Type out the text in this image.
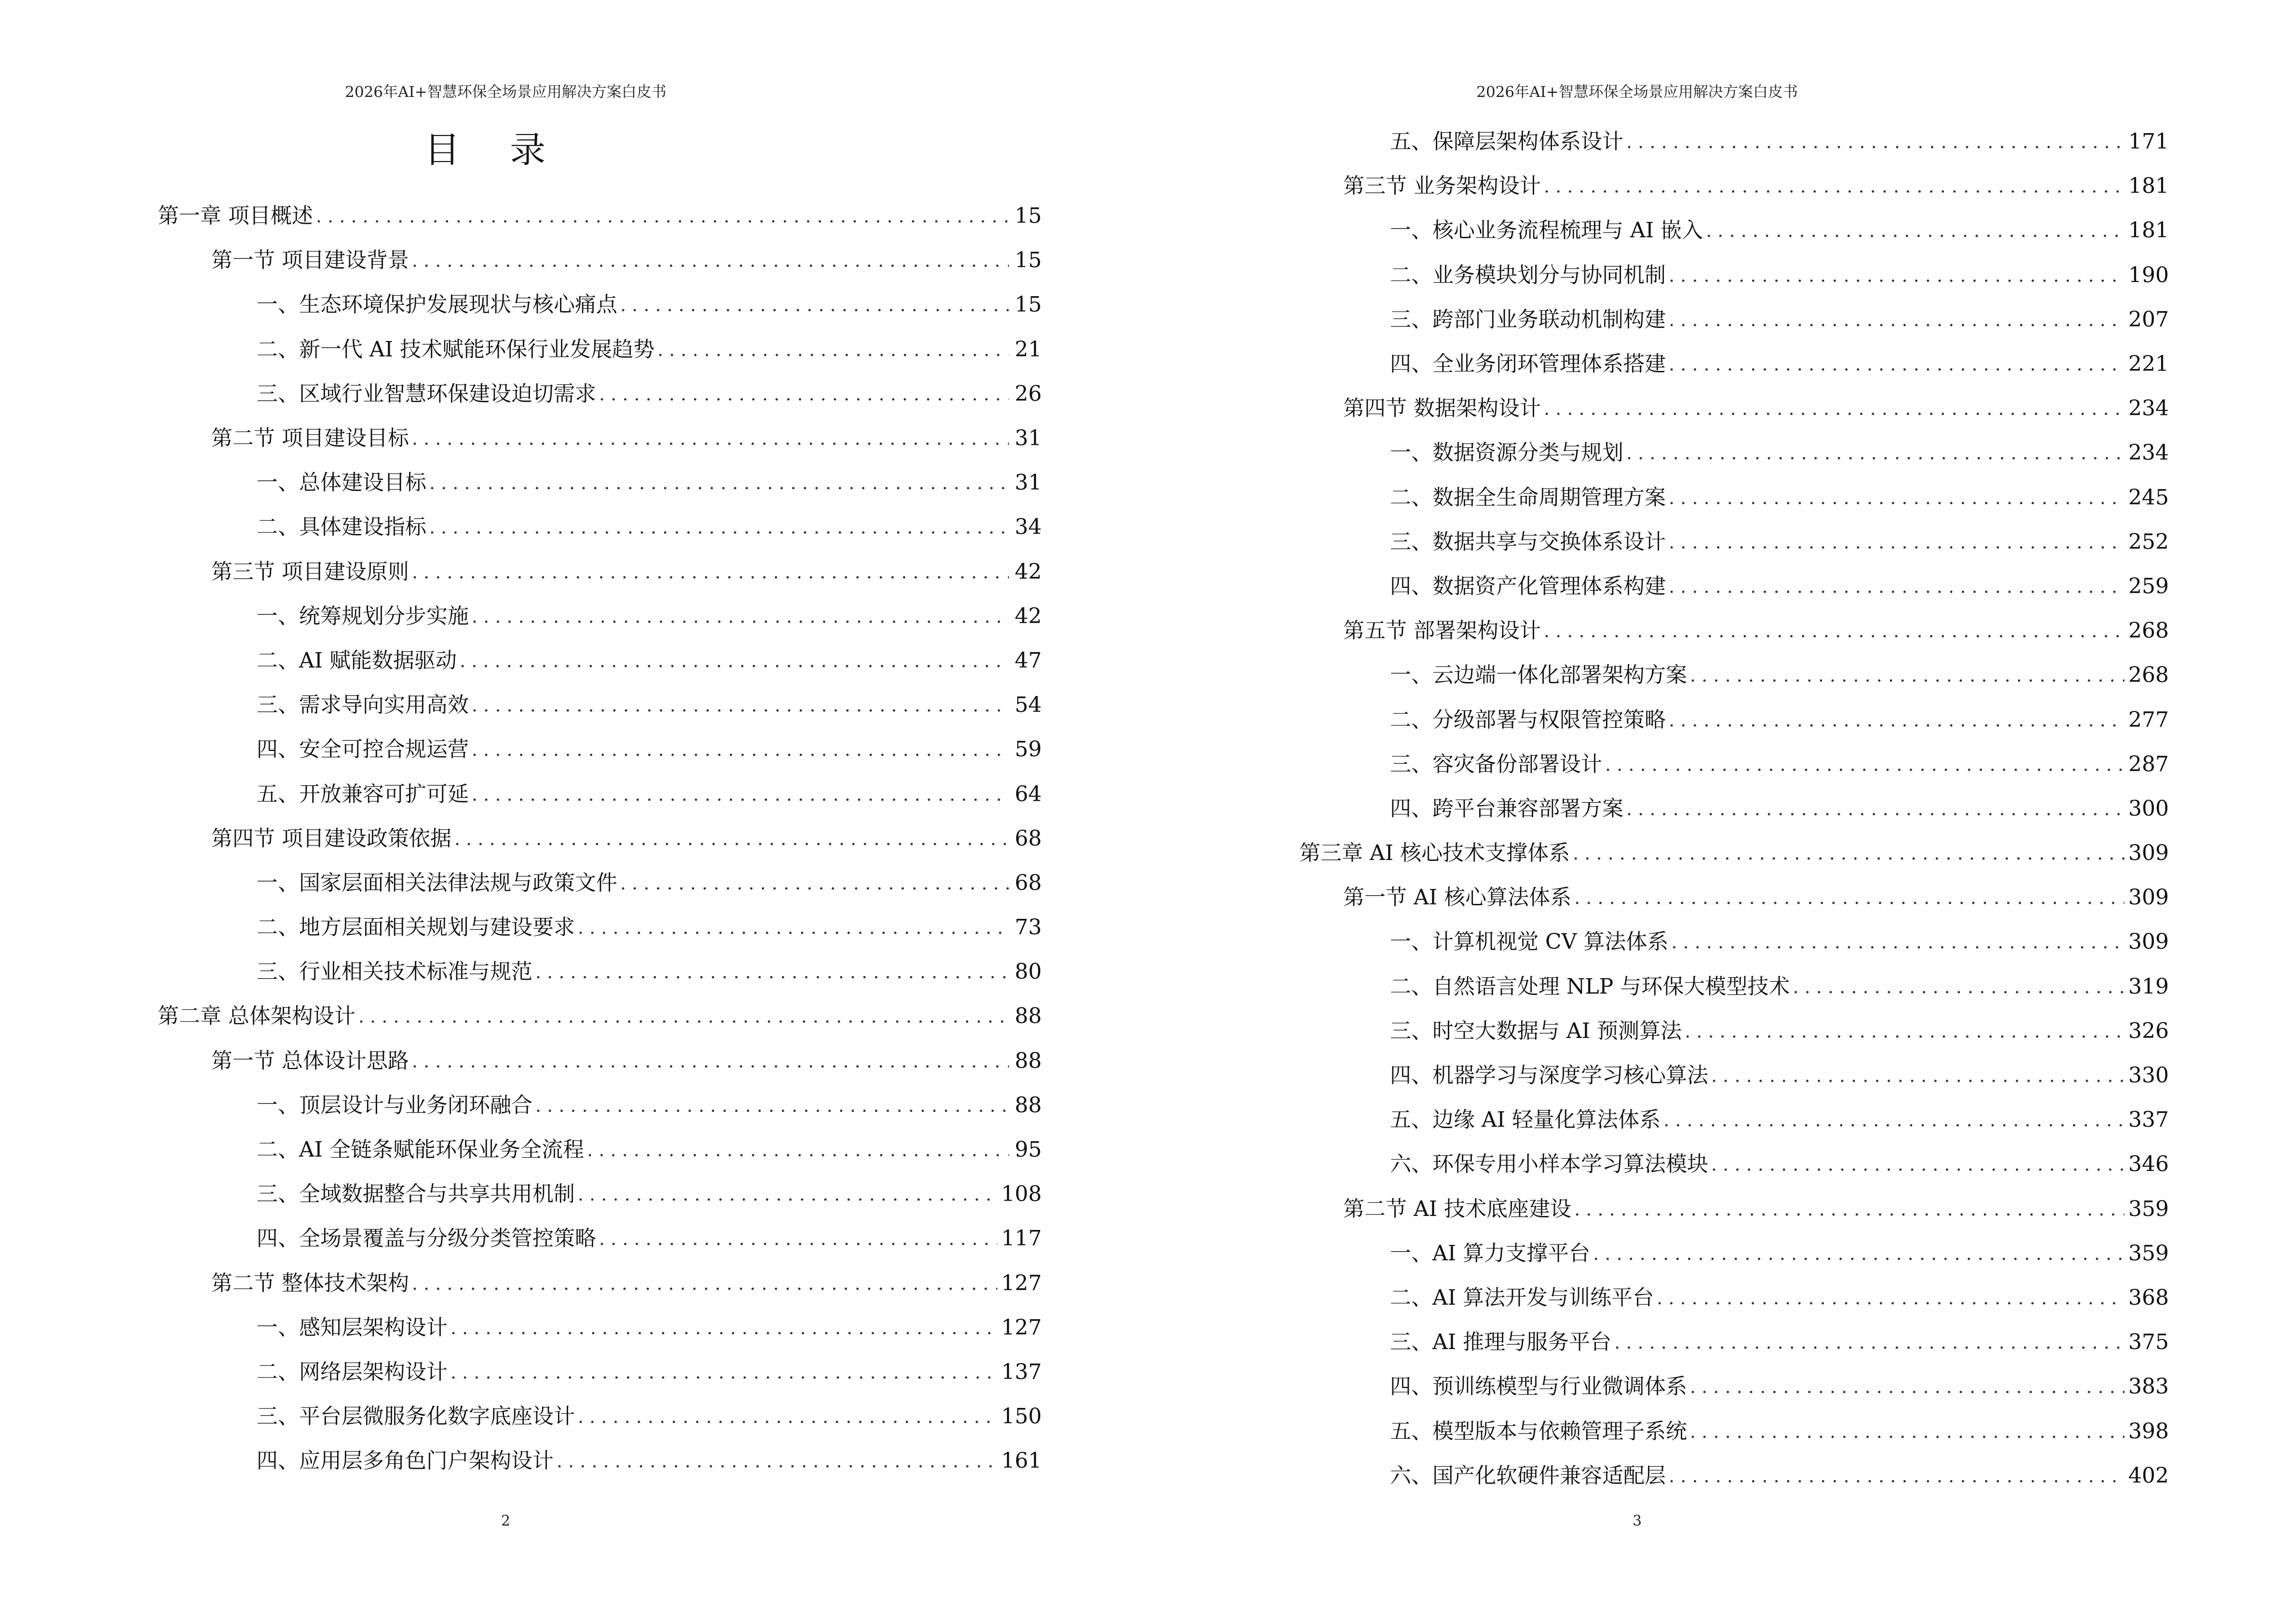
2026年AI+智慧环保全场景应用解决方案白皮书
目 录
第一章 项目概述 . . .	15
第一节 项目建设背景 . . .	15
一、生态环境保护发展现状与核心痛点 . . .	15
二、新一代 AI 技术赋能环保行业发展趋势 . . .	21
三、区域行业智慧环保建设迫切需求 . . .	26
第二节 项目建设目标 . . .	31
一、总体建设目标 . . .	31
二、具体建设指标 . . .	34
第三节 项目建设原则 . . .	42
一、统筹规划分步实施 . . .	42
二、AI 赋能数据驱动 . . .	47
三、需求导向实用高效 . . .	54
四、安全可控合规运营 . . .	59
五、开放兼容可扩可延 . . .	64
第四节 项目建设政策依据 . . .	68
一、国家层面相关法律法规与政策文件 . . .	68
二、地方层面相关规划与建设要求 . . .	73
三、行业相关技术标准与规范 . . .	80
第二章 总体架构设计 . . .	88
第一节 总体设计思路 . . .	88
一、顶层设计与业务闭环融合 . . .	88
二、AI 全链条赋能环保业务全流程 . . .	95
三、全域数据整合与共享共用机制 . . .	108
四、全场景覆盖与分级分类管控策略 . . .	117
第二节 整体技术架构 . . .	127
一、感知层架构设计 . . .	127
二、网络层架构设计 . . .	137
三、平台层微服务化数字底座设计 . . .	150
四、应用层多角色门户架构设计 . . .	161
2
2026年AI+智慧环保全场景应用解决方案白皮书
五、保障层架构体系设计 . . .	171
第三节 业务架构设计 . . .	181
一、核心业务流程梳理与 AI 嵌入 . . .	181
二、业务模块划分与协同机制 . . .	190
三、跨部门业务联动机制构建 . . .	207
四、全业务闭环管理体系搭建 . . .	221
第四节 数据架构设计 . . .	234
一、数据资源分类与规划 . . .	234
二、数据全生命周期管理方案 . . .	245
三、数据共享与交换体系设计 . . .	252
四、数据资产化管理体系构建 . . .	259
第五节 部署架构设计 . . .	268
一、云边端一体化部署架构方案 . . .	268
二、分级部署与权限管控策略 . . .	277
三、容灾备份部署设计 . . .	287
四、跨平台兼容部署方案 . . .	300
第三章 AI 核心技术支撑体系 . . .	309
第一节 AI 核心算法体系 . . .	309
一、计算机视觉 CV 算法体系 . . .	309
二、自然语言处理 NLP 与环保大模型技术 . . .	319
三、时空大数据与 AI 预测算法 . . .	326
四、机器学习与深度学习核心算法 . . .	330
五、边缘 AI 轻量化算法体系 . . .	337
六、环保专用小样本学习算法模块 . . .	346
第二节 AI 技术底座建设 . . .	359
一、AI 算力支撑平台 . . .	359
二、AI 算法开发与训练平台 . . .	368
三、AI 推理与服务平台 . . .	375
四、预训练模型与行业微调体系 . . .	383
五、模型版本与依赖管理子系统 . . .	398
六、国产化软硬件兼容适配层 . . .	402
3
